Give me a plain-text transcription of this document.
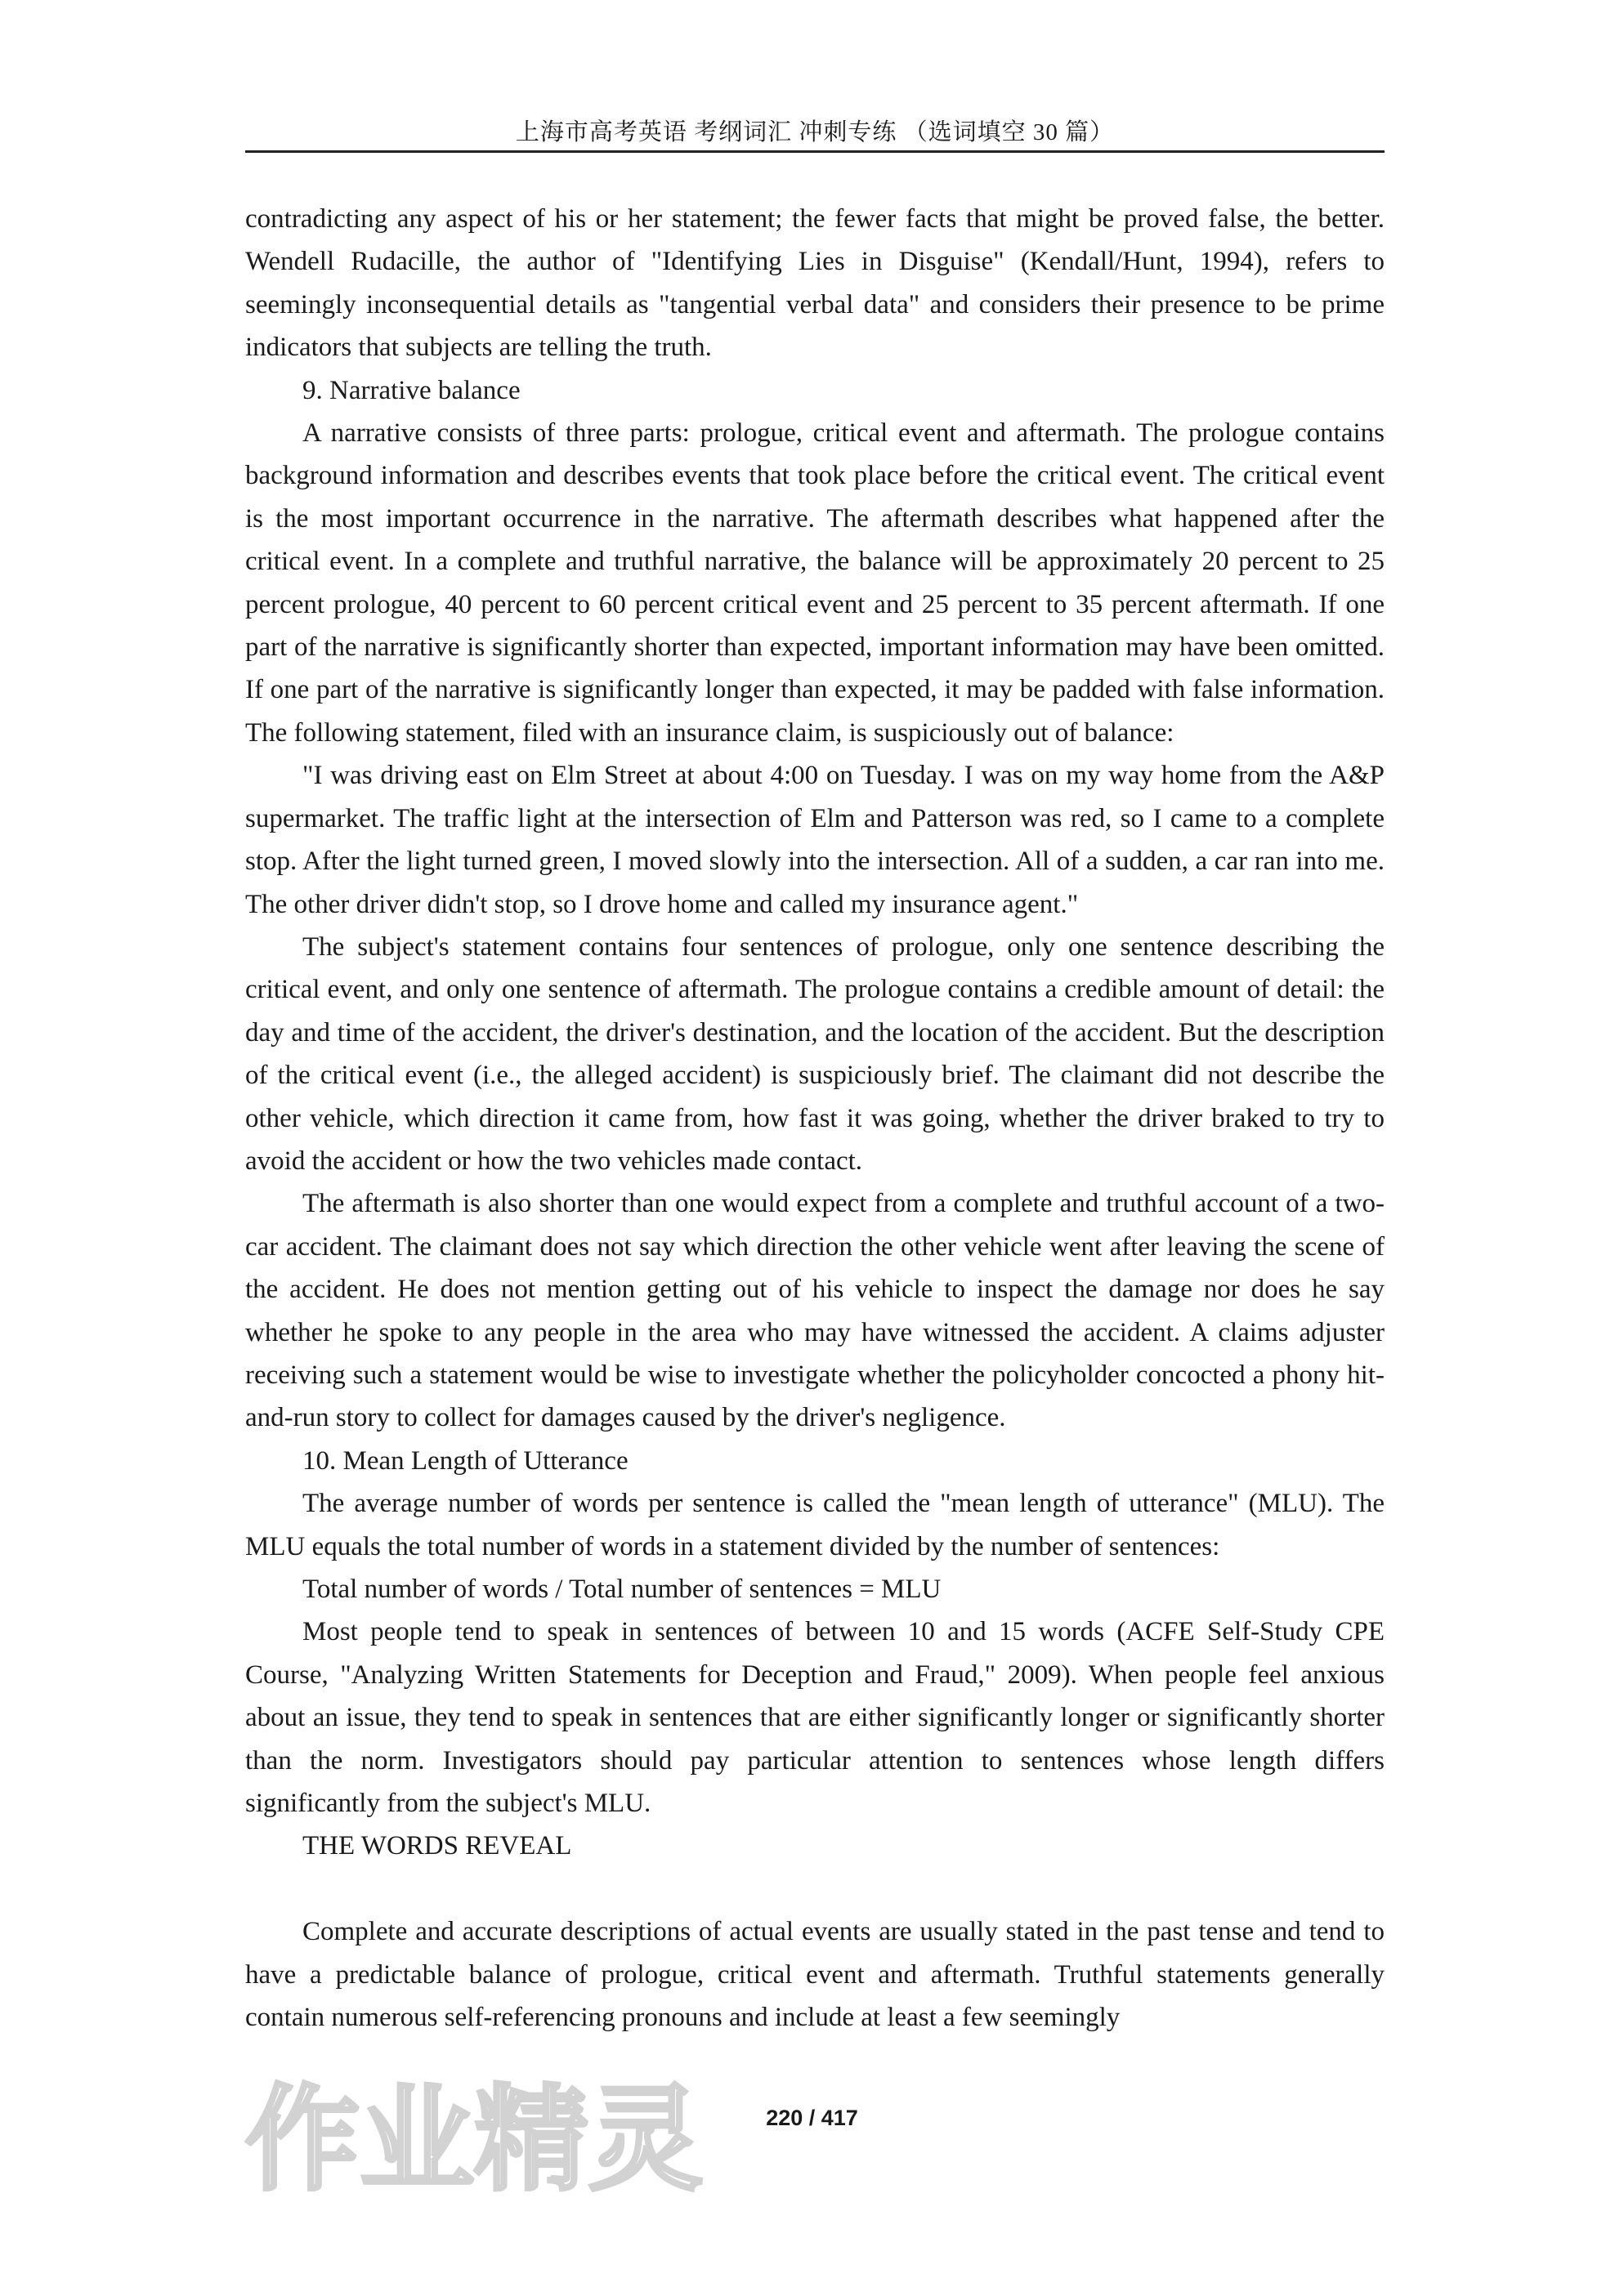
上海市高考英语 考纲词汇 冲刺专练 （选词填空 30 篇）

contradicting any aspect of his or her statement; the fewer facts that might be proved false, the better. Wendell Rudacille, the author of "Identifying Lies in Disguise" (Kendall/Hunt, 1994), refers to seemingly inconsequential details as "tangential verbal data" and considers their presence to be prime indicators that subjects are telling the truth.

9. Narrative balance

A narrative consists of three parts: prologue, critical event and aftermath. The prologue contains background information and describes events that took place before the critical event. The critical event is the most important occurrence in the narrative. The aftermath describes what happened after the critical event. In a complete and truthful narrative, the balance will be approximately 20 percent to 25 percent prologue, 40 percent to 60 percent critical event and 25 percent to 35 percent aftermath. If one part of the narrative is significantly shorter than expected, important information may have been omitted. If one part of the narrative is significantly longer than expected, it may be padded with false information. The following statement, filed with an insurance claim, is suspiciously out of balance:

"I was driving east on Elm Street at about 4:00 on Tuesday. I was on my way home from the A&P supermarket. The traffic light at the intersection of Elm and Patterson was red, so I came to a complete stop. After the light turned green, I moved slowly into the intersection. All of a sudden, a car ran into me. The other driver didn't stop, so I drove home and called my insurance agent."

The subject's statement contains four sentences of prologue, only one sentence describing the critical event, and only one sentence of aftermath. The prologue contains a credible amount of detail: the day and time of the accident, the driver's destination, and the location of the accident. But the description of the critical event (i.e., the alleged accident) is suspiciously brief. The claimant did not describe the other vehicle, which direction it came from, how fast it was going, whether the driver braked to try to avoid the accident or how the two vehicles made contact.

The aftermath is also shorter than one would expect from a complete and truthful account of a two-car accident. The claimant does not say which direction the other vehicle went after leaving the scene of the accident. He does not mention getting out of his vehicle to inspect the damage nor does he say whether he spoke to any people in the area who may have witnessed the accident. A claims adjuster receiving such a statement would be wise to investigate whether the policyholder concocted a phony hit-and-run story to collect for damages caused by the driver's negligence.

10. Mean Length of Utterance

The average number of words per sentence is called the "mean length of utterance" (MLU). The MLU equals the total number of words in a statement divided by the number of sentences:

Total number of words / Total number of sentences = MLU

Most people tend to speak in sentences of between 10 and 15 words (ACFE Self-Study CPE Course, "Analyzing Written Statements for Deception and Fraud," 2009). When people feel anxious about an issue, they tend to speak in sentences that are either significantly longer or significantly shorter than the norm. Investigators should pay particular attention to sentences whose length differs significantly from the subject's MLU.

THE WORDS REVEAL

Complete and accurate descriptions of actual events are usually stated in the past tense and tend to have a predictable balance of prologue, critical event and aftermath. Truthful statements generally contain numerous self-referencing pronouns and include at least a few seemingly

作业精灵	220 / 417
